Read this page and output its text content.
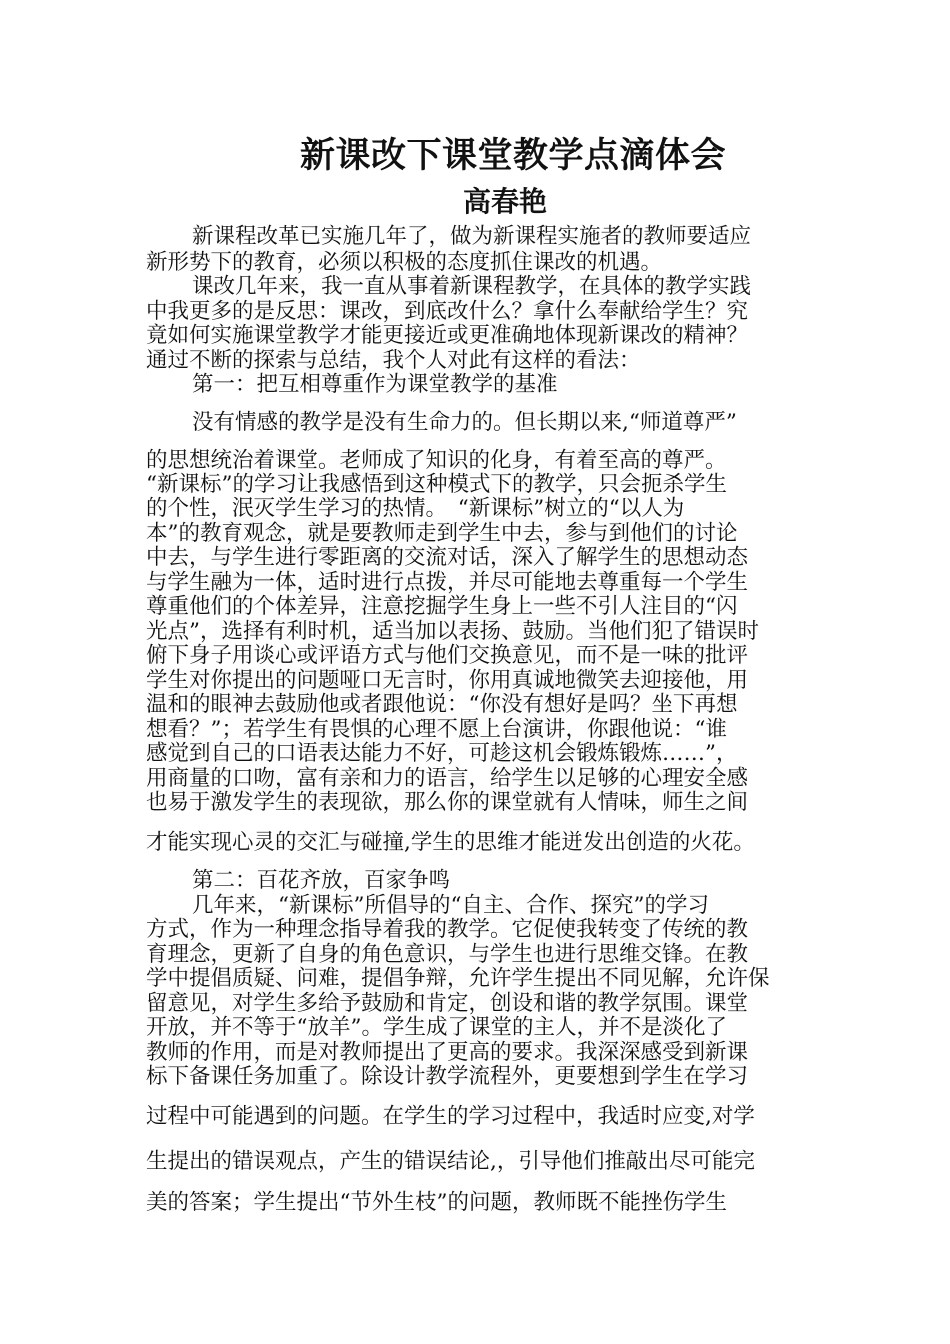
新课改下课堂教学点滴体会
高春艳
新课程改革已实施几年了，做为新课程实施者的教师要适应
新形势下的教育，必须以积极的态度抓住课改的机遇。
课改几年来，我一直从事着新课程教学，在具体的教学实践
中我更多的是反思：课改，到底改什么？拿什么奉献给学生？究
竟如何实施课堂教学才能更接近或更准确地体现新课改的精神？
通过不断的探索与总结，我个人对此有这样的看法：
第一：把互相尊重作为课堂教学的基准
没有情感的教学是没有生命力的。但长期以来,“师道尊严”
的思想统治着课堂。老师成了知识的化身，有着至高的尊严。
“新课标”的学习让我感悟到这种模式下的教学，只会扼杀学生
的个性，泯灭学生学习的热情。　“新课标”树立的“以人为
本”的教育观念，就是要教师走到学生中去，参与到他们的讨论
中去，与学生进行零距离的交流对话，深入了解学生的思想动态
与学生融为一体，适时进行点拨，并尽可能地去尊重每一个学生
尊重他们的个体差异，注意挖掘学生身上一些不引人注目的“闪
光点”，选择有利时机，适当加以表扬、鼓励。当他们犯了错误时
俯下身子用谈心或评语方式与他们交换意见，而不是一味的批评
学生对你提出的问题哑口无言时，你用真诚地微笑去迎接他，用
温和的眼神去鼓励他或者跟他说：“你没有想好是吗？坐下再想
想看？”；若学生有畏惧的心理不愿上台演讲，你跟他说：“谁
感觉到自己的口语表达能力不好，可趁这机会锻炼锻炼……”，
用商量的口吻，富有亲和力的语言，给学生以足够的心理安全感
也易于激发学生的表现欲，那么你的课堂就有人情味，师生之间
才能实现心灵的交汇与碰撞,学生的思维才能迸发出创造的火花。
第二：百花齐放，百家争鸣
几年来，“新课标”所倡导的“自主、合作、探究”的学习
方式，作为一种理念指导着我的教学。它促使我转变了传统的教
育理念，更新了自身的角色意识，与学生也进行思维交锋。在教
学中提倡质疑、问难，提倡争辩，允许学生提出不同见解，允许保
留意见，对学生多给予鼓励和肯定，创设和谐的教学氛围。课堂
开放，并不等于“放羊”。学生成了课堂的主人，并不是淡化了
教师的作用，而是对教师提出了更高的要求。我深深感受到新课
标下备课任务加重了。除设计教学流程外，更要想到学生在学习
过程中可能遇到的问题。在学生的学习过程中，我适时应变,对学
生提出的错误观点，产生的错误结论,，引导他们推敲出尽可能完
美的答案；学生提出“节外生枝”的问题，教师既不能挫伤学生
